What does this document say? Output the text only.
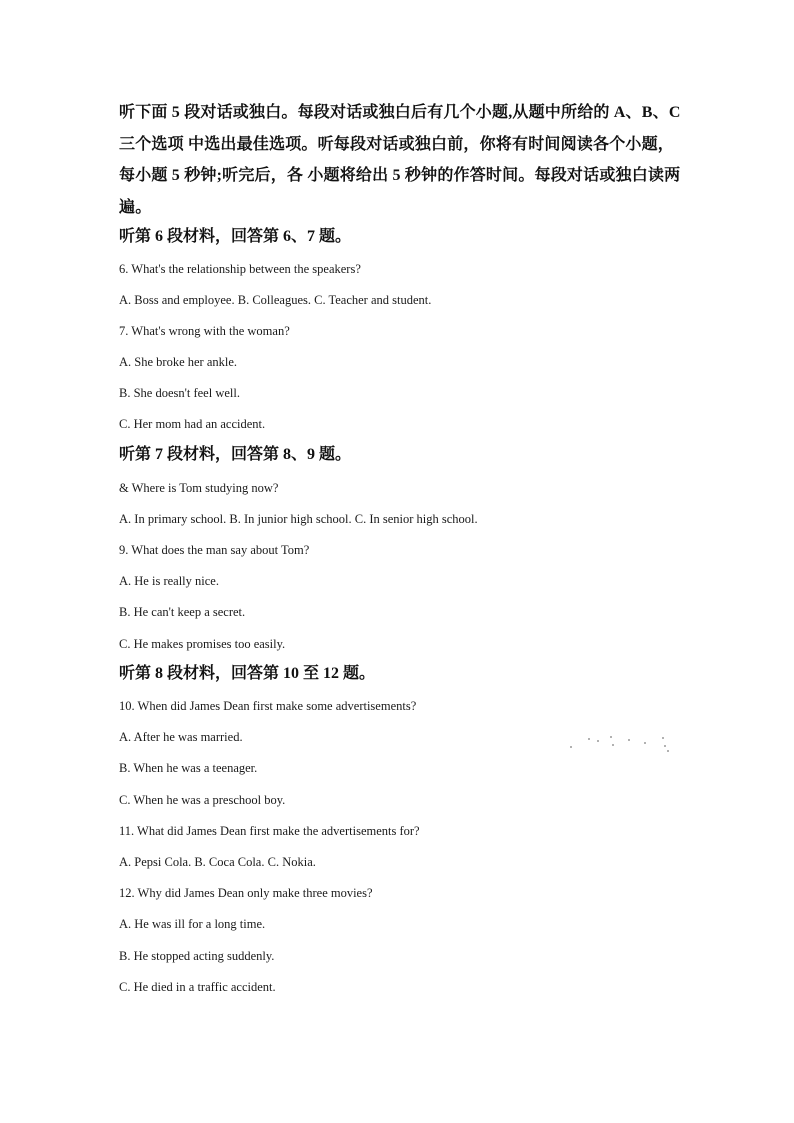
听下面 5 段对话或独白。每段对话或独白后有几个小题,从题中所给的 A、B、C
三个选项 中选出最佳选项。听每段对话或独白前，你将有时间阅读各个小题，
每小题 5 秒钟;听完后，各 小题将给出 5 秒钟的作答时间。每段对话或独白读两
遍。
听第 6 段材料，回答第 6、7 题。
6. What's the relationship between the speakers?
A. Boss and employee. B. Colleagues. C. Teacher and student.
7. What's wrong with the woman?
A. She broke her ankle.
B. She doesn't feel well.
C. Her mom had an accident.
听第 7 段材料，回答第 8、9 题。
& Where is Tom studying now?
A. In primary school. B. In junior high school. C. In senior high school.
9. What does the man say about Tom?
A. He is really nice.
B. He can't keep a secret.
C. He makes promises too easily.
听第 8 段材料，回答第 10 至 12 题。
10. When did James Dean first make some advertisements?
A. After he was married.
B. When he was a teenager.
C. When he was a preschool boy.
11. What did James Dean first make the advertisements for?
A. Pepsi Cola. B. Coca Cola. C. Nokia.
12. Why did James Dean only make three movies?
A. He was ill for a long time.
B. He stopped acting suddenly.
C. He died in a traffic accident.
